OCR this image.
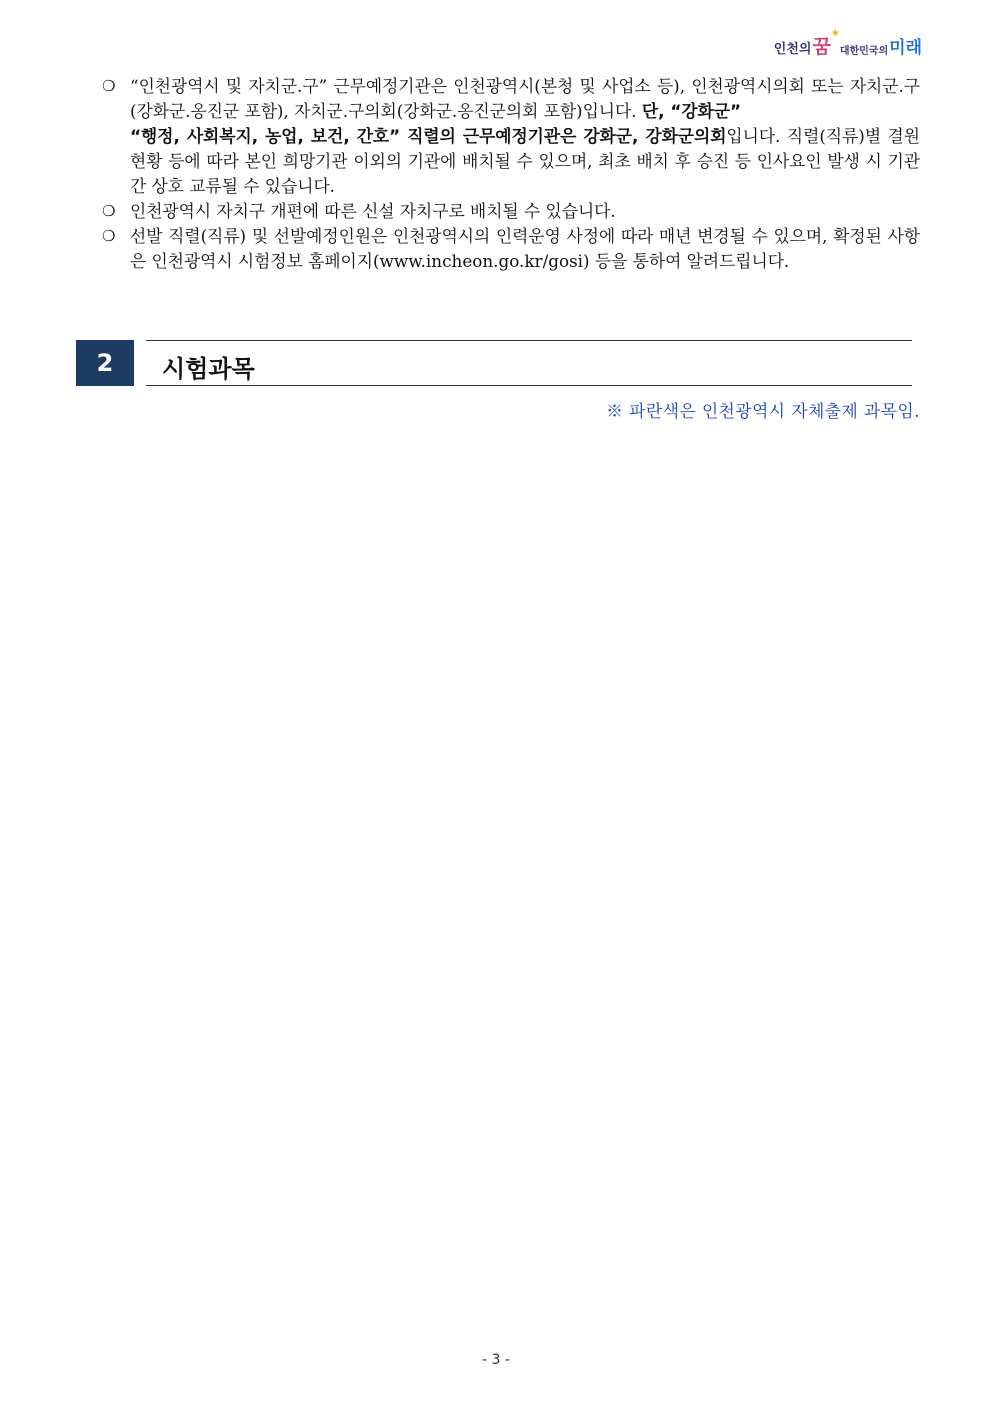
인천의 꿈
★
대한민국의 미래
❍ “인천광역시 및 자치군.구” 근무예정기관은 인천광역시(본청 및 사업소 등), 인천광역시의회 또는 자치군.구(강화군.옹진군 포함), 자치군.구의회(강화군.옹진군의회 포함)입니다. 단, “강화군”
“행정, 사회복지, 농업, 보건, 간호” 직렬의 근무예정기관은 강화군, 강화군의회입니다. 직렬(직류)별 결원 현황 등에 따라 본인 희망기관 이외의 기관에 배치될 수 있으며, 최초 배치 후 승진 등 인사요인 발생 시 기관 간 상호 교류될 수 있습니다.
❍ 인천광역시 자치구 개편에 따른 신설 자치구로 배치될 수 있습니다.
❍ 선발 직렬(직류) 및 선발예정인원은 인천광역시의 인력운영 사정에 따라 매년 변경될 수 있으며, 확정된 사항은 인천광역시 시험정보 홈페이지(www.incheon.go.kr/gosi) 등을 통하여 알려드립니다.
2	시험과목
※ 파란색은 인천광역시 자체출제 과목임.
- 3 -
